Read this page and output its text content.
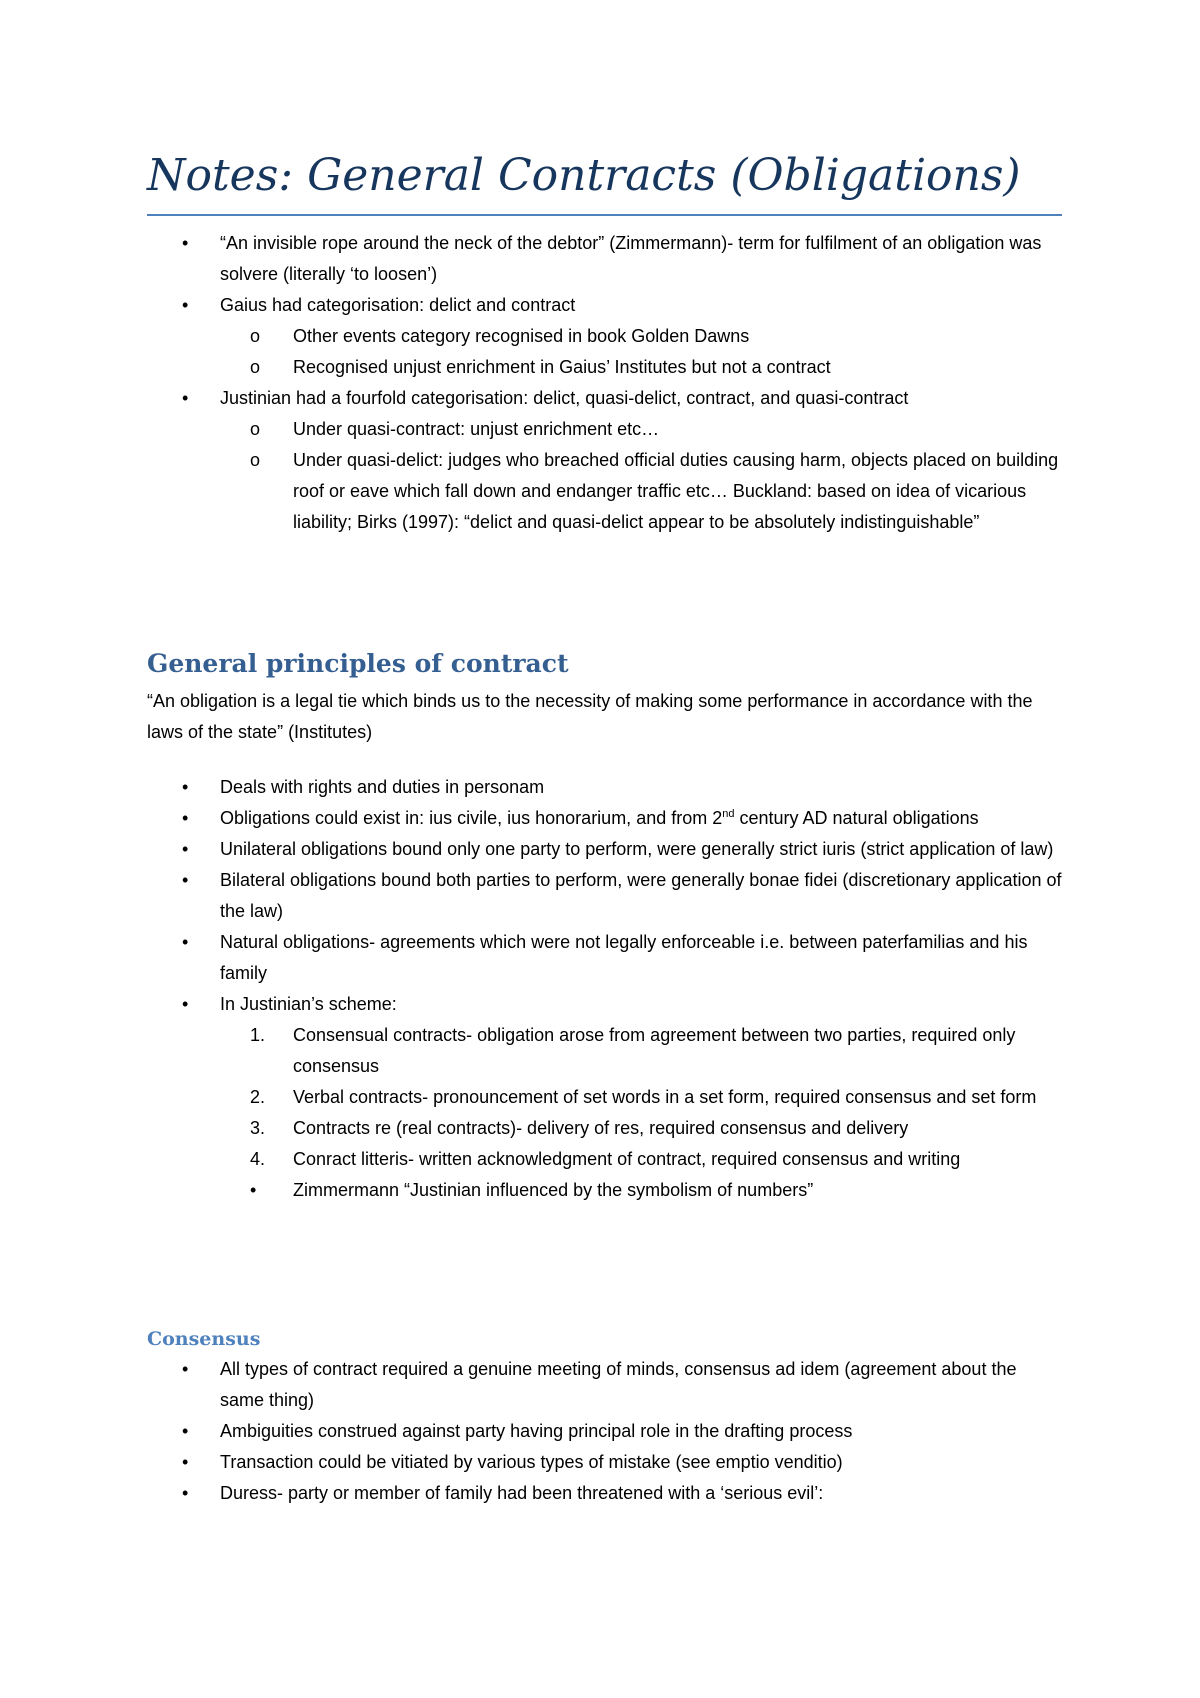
Notes: General Contracts (Obligations)
• “An invisible rope around the neck of the debtor” (Zimmermann)- term for fulfilment of an obligation was solvere (literally ‘to loosen’)
• Gaius had categorisation: delict and contract
o Other events category recognised in book Golden Dawns
o Recognised unjust enrichment in Gaius’ Institutes but not a contract
• Justinian had a fourfold categorisation: delict, quasi-delict, contract, and quasi-contract
o Under quasi-contract: unjust enrichment etc…
o Under quasi-delict: judges who breached official duties causing harm, objects placed on building roof or eave which fall down and endanger traffic etc… Buckland: based on idea of vicarious liability; Birks (1997): “delict and quasi-delict appear to be absolutely indistinguishable”
General principles of contract

“An obligation is a legal tie which binds us to the necessity of making some performance in accordance with the laws of the state” (Institutes)

• Deals with rights and duties in personam
• Obligations could exist in: ius civile, ius honorarium, and from 2nd century AD natural obligations
• Unilateral obligations bound only one party to perform, were generally strict iuris (strict application of law)
• Bilateral obligations bound both parties to perform, were generally bonae fidei (discretionary application of the law)
• Natural obligations- agreements which were not legally enforceable i.e. between paterfamilias and his family
• In Justinian’s scheme:
1. Consensual contracts- obligation arose from agreement between two parties, required only consensus
2. Verbal contracts- pronouncement of set words in a set form, required consensus and set form
3. Contracts re (real contracts)- delivery of res, required consensus and delivery
4. Conract litteris- written acknowledgment of contract, required consensus and writing
• Zimmermann “Justinian influenced by the symbolism of numbers”
Consensus
• All types of contract required a genuine meeting of minds, consensus ad idem (agreement about the same thing)
• Ambiguities construed against party having principal role in the drafting process
• Transaction could be vitiated by various types of mistake (see emptio venditio)
• Duress- party or member of family had been threatened with a ‘serious evil’:
